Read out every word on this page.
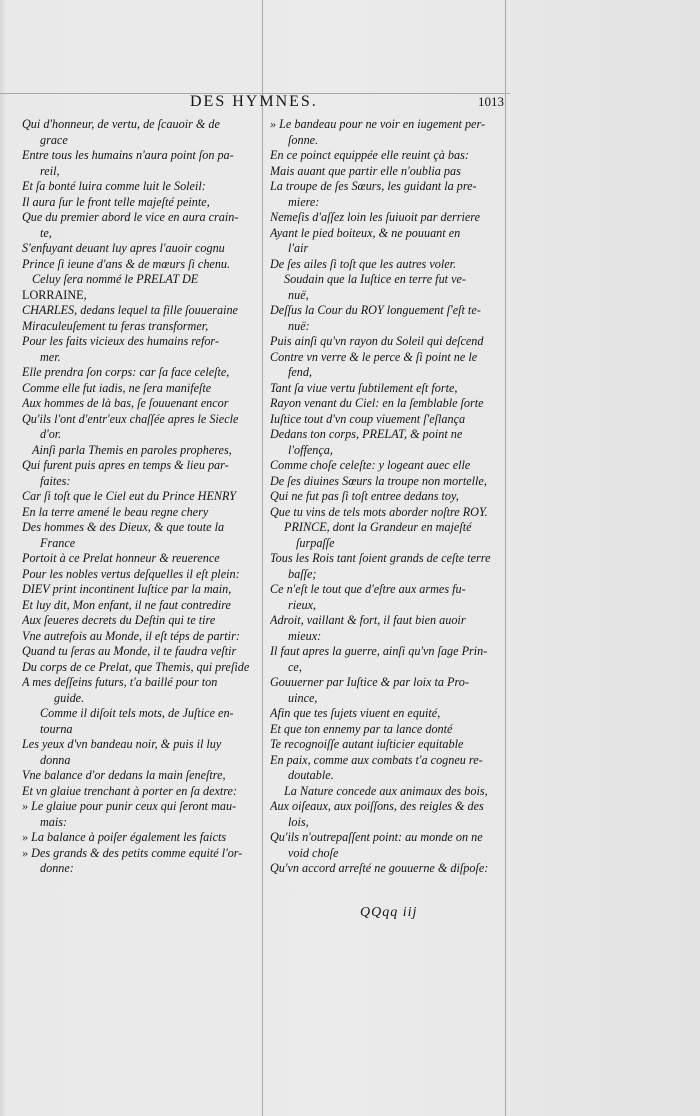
DES HYMNES.	1013
Qui d'honneur, de vertu, de ſcauoir & de
grace
Entre tous les humains n'aura point ſon pa-
reil,
Et ſa bonté luira comme luit le Soleil:
Il aura ſur le front telle majeſté peinte,
Que du premier abord le vice en aura crain-
te,
S'enfuyant deuant luy apres l'auoir cognu
Prince ſi ieune d'ans & de mœurs ſi chenu.
Celuy ſera nommé le PRELAT DE
LORRAINE,
CHARLES, dedans lequel ta fille ſouueraine
Miraculeuſement tu feras transformer,
Pour les faits vicieux des humains refor-
mer.
Elle prendra ſon corps: car ſa face celeſte,
Comme elle fut iadis, ne ſera manifeſte
Aux hommes de là bas, ſe ſouuenant encor
Qu'ils l'ont d'entr'eux chaſſée apres le Siecle
d'or.
Ainſi parla Themis en paroles propheres,
Qui furent puis apres en temps & lieu par-
faites:
Car ſi toſt que le Ciel eut du Prince HENRY
En la terre amené le beau regne chery
Des hommes & des Dieux, & que toute la
France
Portoit à ce Prelat honneur & reuerence
Pour les nobles vertus deſquelles il eſt plein:
DIEV print incontinent Iuſtice par la main,
Et luy dit, Mon enfant, il ne faut contredire
Aux ſeueres decrets du Deſtin qui te tire
Vne autrefois au Monde, il eſt téps de partir:
Quand tu ſeras au Monde, il te faudra veſtir
Du corps de ce Prelat, que Themis, qui preſide
A mes deſſeins futurs, t'a baillé pour ton
guide.
Comme il diſoit tels mots, de Juſtice en-
tourna
Les yeux d'vn bandeau noir, & puis il luy
donna
Vne balance d'or dedans la main ſeneſtre,
Et vn glaiue trenchant à porter en ſa dextre:
» Le glaiue pour punir ceux qui ſeront mau-
mais:
» La balance à poiſer également les faicts
» Des grands & des petits comme equité l'or-
donne:
» Le bandeau pour ne voir en iugement per-
ſonne.
En ce poinct equippée elle reuint çà bas:
Mais auant que partir elle n'oublia pas
La troupe de ſes Sœurs, les guidant la pre-
miere:
Nemeſis d'aſſez loin les ſuiuoit par derriere
Ayant le pied boiteux, & ne pouuant en
l'air
De ſes ailes ſi toſt que les autres voler.
Soudain que la Iuſtice en terre fut ve-
nuë,
Deſſus la Cour du ROY longuement ſ'eſt te-
nuë:
Puis ainſi qu'vn rayon du Soleil qui deſcend
Contre vn verre & le perce & ſi point ne le
fend,
Tant ſa viue vertu ſubtilement eſt forte,
Rayon venant du Ciel: en la ſemblable ſorte
Iuſtice tout d'vn coup viuement ſ'eſlança
Dedans ton corps, PRELAT, & point ne
l'offença,
Comme choſe celeſte: y logeant auec elle
De ſes diuines Sœurs la troupe non mortelle,
Qui ne fut pas ſi toſt entree dedans toy,
Que tu vins de tels mots aborder noſtre ROY.
PRINCE, dont la Grandeur en majeſté
ſurpaſſe
Tous les Rois tant ſoient grands de ceſte terre
baſſe;
Ce n'eſt le tout que d'eſtre aux armes fu-
rieux,
Adroit, vaillant & fort, il faut bien auoir
mieux:
Il faut apres la guerre, ainſi qu'vn ſage Prin-
ce,
Gouuerner par Iuſtice & par loix ta Pro-
uince,
Afin que tes ſujets viuent en equité,
Et que ton ennemy par ta lance donté
Te recognoiſſe autant iuſticier equitable
En paix, comme aux combats t'a cogneu re-
doutable.
La Nature concede aux animaux des bois,
Aux oiſeaux, aux poiſſons, des reigles & des
lois,
Qu'ils n'outrepaſſent point: au monde on ne
void choſe
Qu'vn accord arreſté ne gouuerne & diſpoſe:
QQqq iij
